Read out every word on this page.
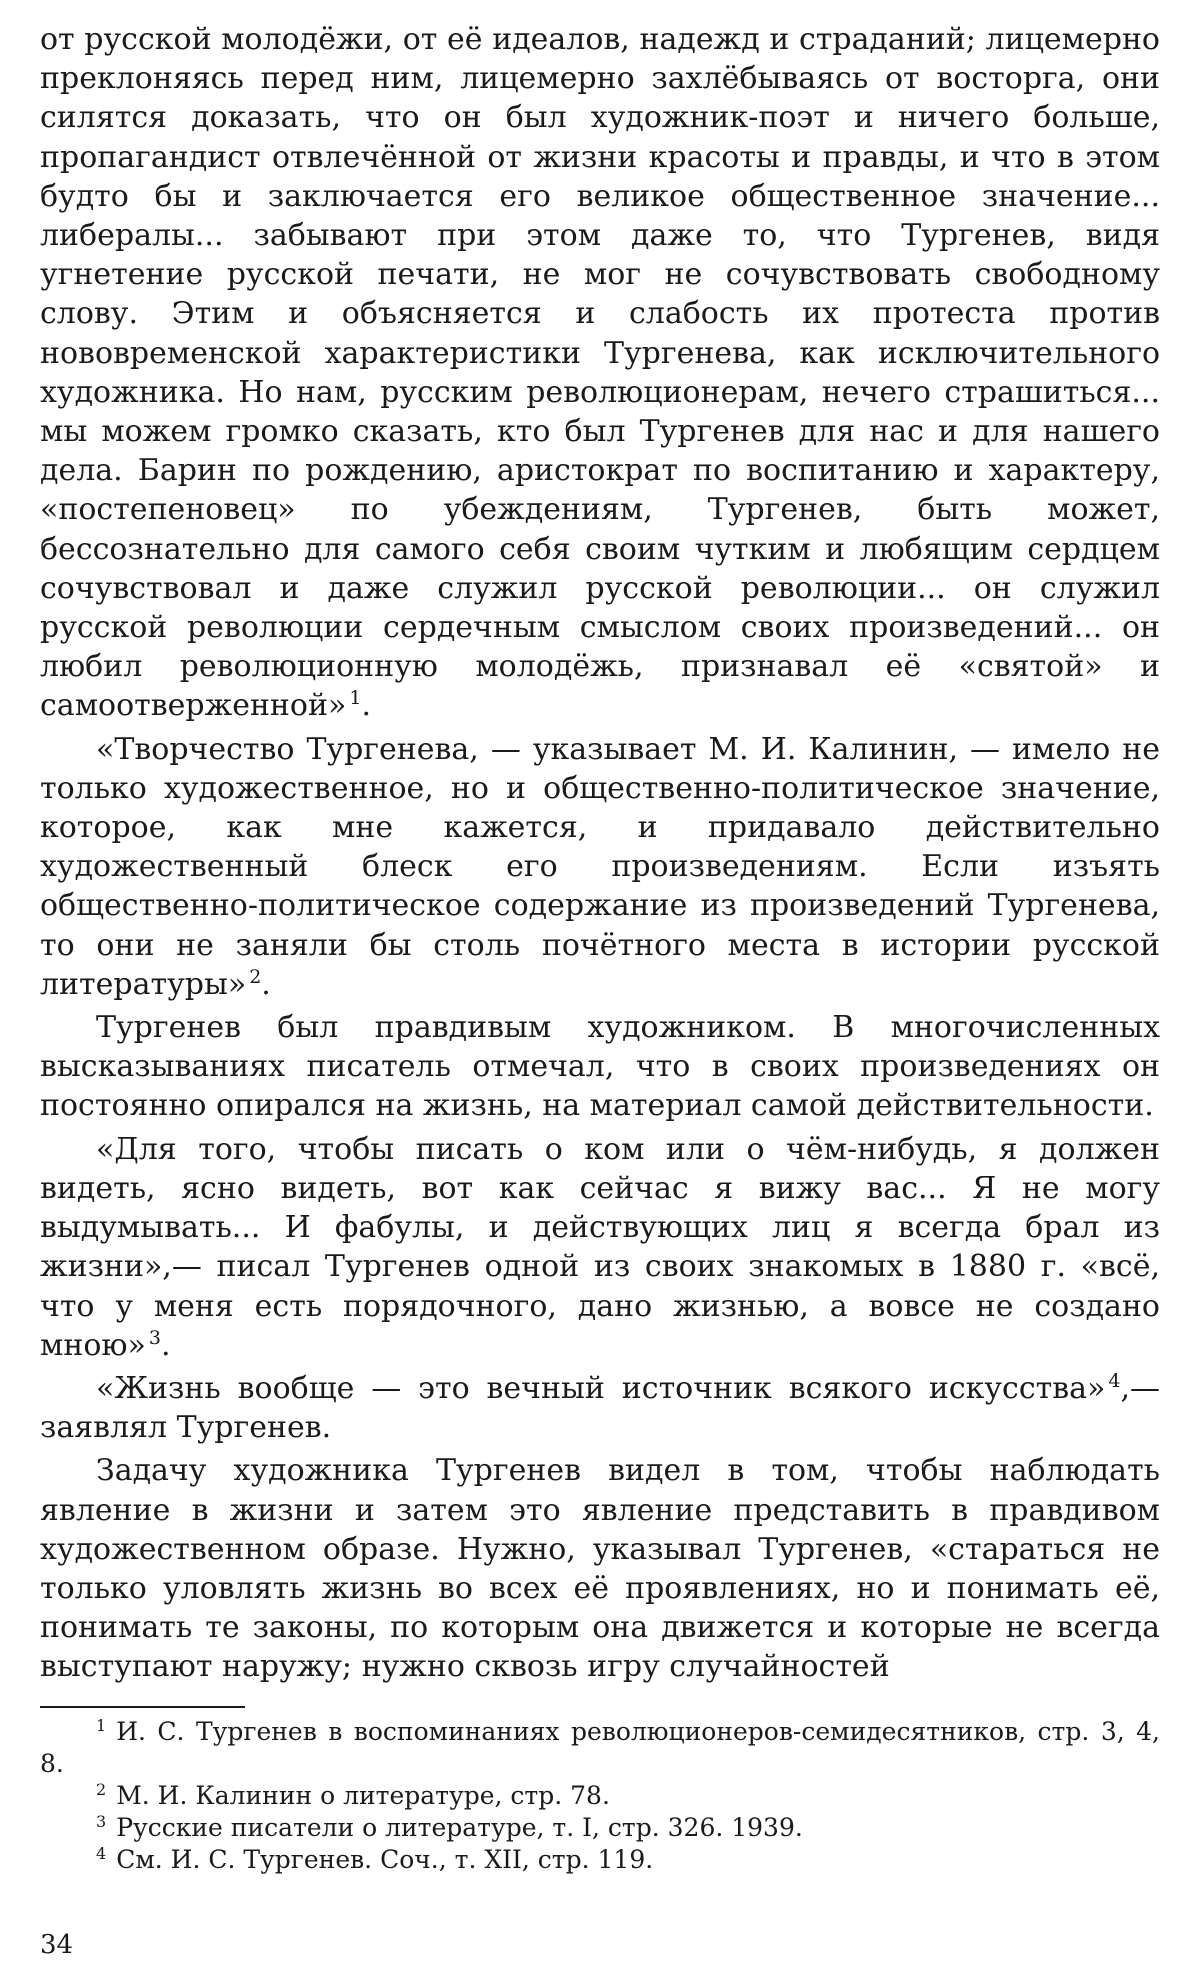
от русской молодёжи, от её идеалов, надежд и страданий; лицемерно преклоняясь перед ним, лицемерно захлёбываясь от восторга, они силятся доказать, что он был художник-поэт и ничего больше, пропагандист отвлечённой от жизни красоты и правды, и что в этом будто бы и заключается его великое общественное значение... либералы... забывают при этом даже то, что Тургенев, видя угнетение русской печати, не мог не сочувствовать свободному слову. Этим и объясняется и слабость их протеста против нововременской характеристики Тургенева, как исключительного художника. Но нам, русским революционерам, нечего страшиться... мы можем громко сказать, кто был Тургенев для нас и для нашего дела. Барин по рождению, аристократ по воспитанию и характеру, «постепеновец» по убеждениям, Тургенев, быть может, бессознательно для самого себя своим чутким и любящим сердцем сочувствовал и даже служил русской революции... он служил русской революции сердечным смыслом своих произведений... он любил революционную молодёжь, признавал её «святой» и самоотверженной» $^1$.

«Творчество Тургенева, — указывает М. И. Калинин, — имело не только художественное, но и общественно-политическое значение, которое, как мне кажется, и придавало действительно художественный блеск его произведениям. Если изъять общественно-политическое содержание из произведений Тургенева, то они не заняли бы столь почётного места в истории русской литературы» $^2$.

Тургенев был правдивым художником. В многочисленных высказываниях писатель отмечал, что в своих произведениях он постоянно опирался на жизнь, на материал самой действительности.

«Для того, чтобы писать о ком или о чём-нибудь, я должен видеть, ясно видеть, вот как сейчас я вижу вас... Я не могу выдумывать... И фабулы, и действующих лиц я всегда брал из жизни»,— писал Тургенев одной из своих знакомых в 1880 г. «всё, что у меня есть порядочного, дано жизнью, а вовсе не создано мною» $^3$.

«Жизнь вообще — это вечный источник всякого искусства» $^4$,— заявлял Тургенев.

Задачу художника Тургенев видел в том, чтобы наблюдать явление в жизни и затем это явление представить в правдивом художественном образе. Нужно, указывал Тургенев, «стараться не только уловлять жизнь во всех её проявлениях, но и понимать её, понимать те законы, по которым она движется и которые не всегда выступают наружу; нужно сквозь игру случайностей

$^1$ И. С. Тургенев в воспоминаниях революционеров-семидесятников, стр. 3, 4, 8.

$^2$ М. И. Калинин о литературе, стр. 78.

$^3$ Русские писатели о литературе, т. I, стр. 326. 1939.

$^4$ См. И. С. Тургенев. Соч., т. XII, стр. 119.

34
